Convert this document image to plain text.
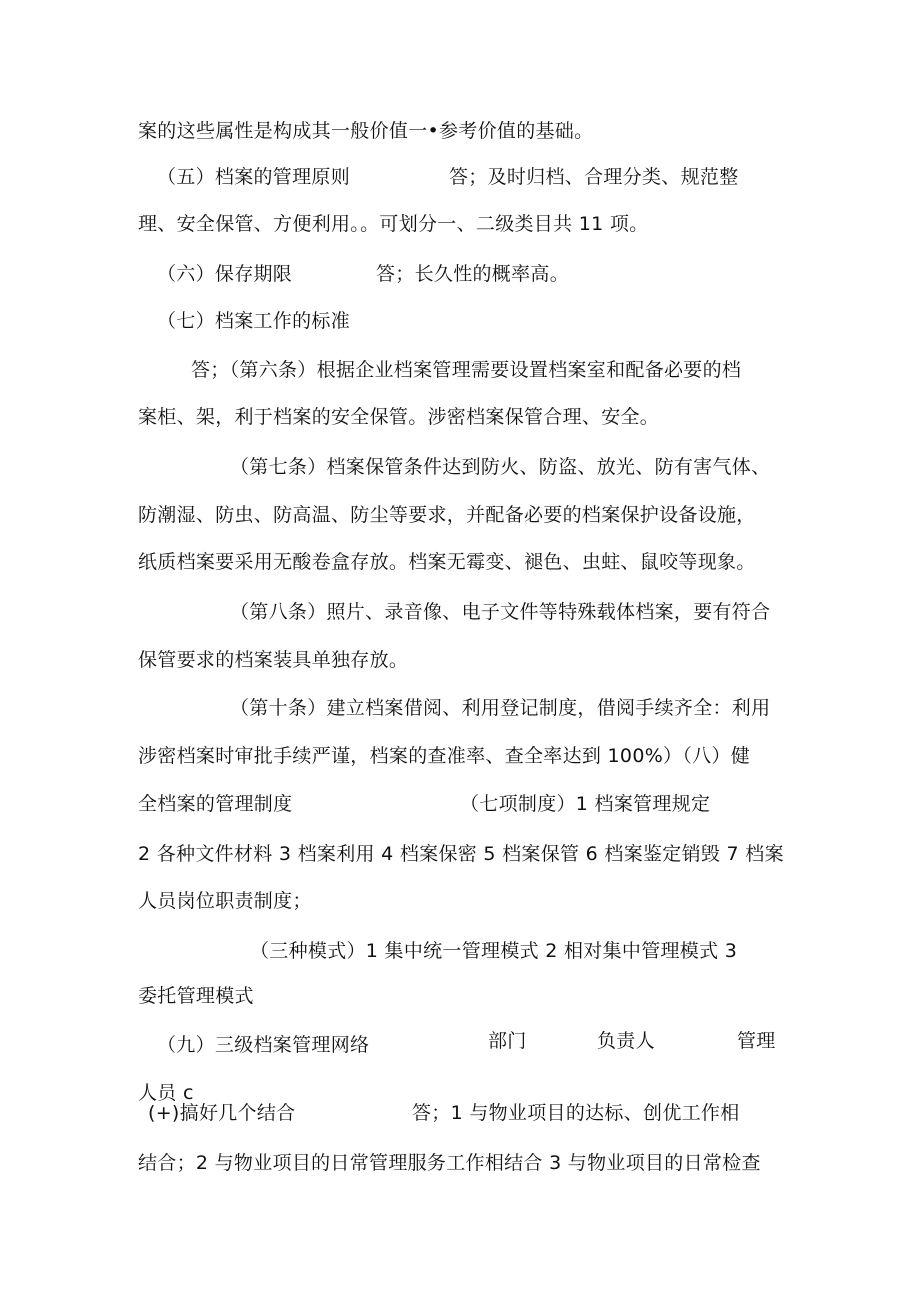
案的这些属性是构成其一般价值一•参考价值的基础。
（五）档案的管理原则	答；及时归档、合理分类、规范整
理、安全保管、方便利用。。可划分一、二级类目共 11 项。
（六）保存期限	答；长久性的概率高。
（七）档案工作的标准
答；（第六条）根据企业档案管理需要设置档案室和配备必要的档
案柜、架，利于档案的安全保管。涉密档案保管合理、安全。
（第七条）档案保管条件达到防火、防盗、放光、防有害气体、
防潮湿、防虫、防高温、防尘等要求，并配备必要的档案保护设备设施，
纸质档案要采用无酸卷盒存放。档案无霉变、褪色、虫蛀、鼠咬等现象。
（第八条）照片、录音像、电子文件等特殊载体档案，要有符合
保管要求的档案装具单独存放。
（第十条）建立档案借阅、利用登记制度，借阅手续齐全：利用
涉密档案时审批手续严谨，档案的查准率、查全率达到 100%）（八）健
全档案的管理制度	（七项制度）1 档案管理规定
2 各种文件材料 3 档案利用 4 档案保密 5 档案保管 6 档案鉴定销毁 7 档案
人员岗位职责制度；
（三种模式）1 集中统一管理模式 2 相对集中管理模式 3
委托管理模式
（九）三级档案管理网络	部门	负责人	管理
人员 c
(+)搞好几个结合	答；1 与物业项目的达标、创优工作相
结合；2 与物业项目的日常管理服务工作相结合 3 与物业项目的日常检查
